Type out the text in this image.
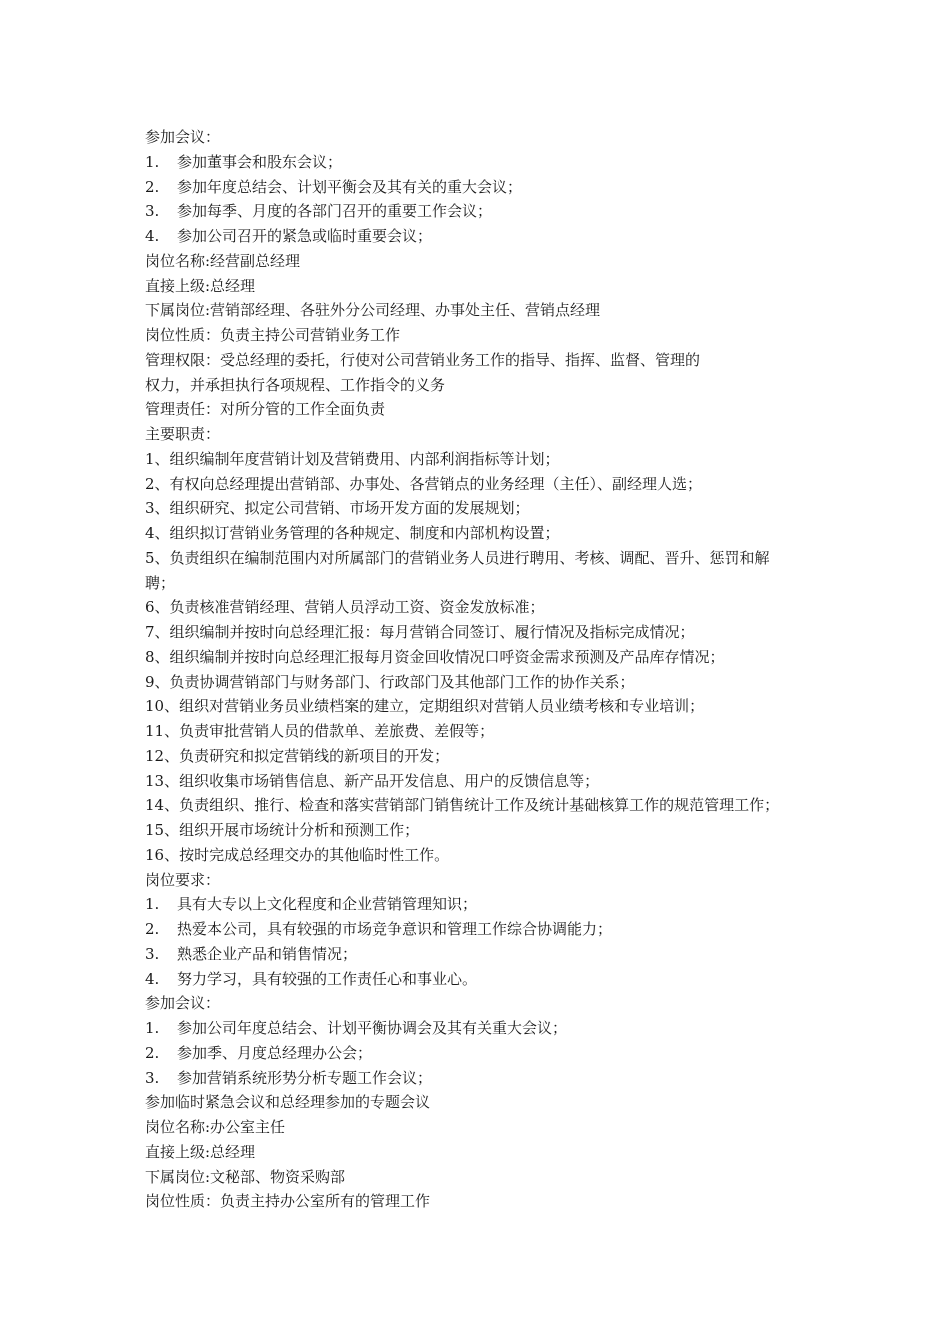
参加会议：
1. 参加董事会和股东会议；
2. 参加年度总结会、计划平衡会及其有关的重大会议；
3. 参加每季、月度的各部门召开的重要工作会议；
4. 参加公司召开的紧急或临时重要会议；
岗位名称:经营副总经理
直接上级:总经理
下属岗位:营销部经理、各驻外分公司经理、办事处主任、营销点经理
岗位性质：负责主持公司营销业务工作
管理权限：受总经理的委托，行使对公司营销业务工作的指导、指挥、监督、管理的
权力，并承担执行各项规程、工作指令的义务
管理责任：对所分管的工作全面负责
主要职责：
1、组织编制年度营销计划及营销费用、内部利润指标等计划；
2、有权向总经理提出营销部、办事处、各营销点的业务经理（主任）、副经理人选；
3、组织研究、拟定公司营销、市场开发方面的发展规划；
4、组织拟订营销业务管理的各种规定、制度和内部机构设置；
5、负责组织在编制范围内对所属部门的营销业务人员进行聘用、考核、调配、晋升、惩罚和解
聘；
6、负责核准营销经理、营销人员浮动工资、资金发放标准；
7、组织编制并按时向总经理汇报：每月营销合同签订、履行情况及指标完成情况；
8、组织编制并按时向总经理汇报每月资金回收情况口呼资金需求预测及产品库存情况；
9、负责协调营销部门与财务部门、行政部门及其他部门工作的协作关系；
10、组织对营销业务员业绩档案的建立，定期组织对营销人员业绩考核和专业培训；
11、负责审批营销人员的借款单、差旅费、差假等；
12、负责研究和拟定营销线的新项目的开发；
13、组织收集市场销售信息、新产品开发信息、用户的反馈信息等；
14、负责组织、推行、检查和落实营销部门销售统计工作及统计基础核算工作的规范管理工作；
15、组织开展市场统计分析和预测工作；
16、按时完成总经理交办的其他临时性工作。
岗位要求：
1. 具有大专以上文化程度和企业营销管理知识；
2. 热爱本公司，具有较强的市场竞争意识和管理工作综合协调能力；
3. 熟悉企业产品和销售情况；
4. 努力学习，具有较强的工作责任心和事业心。
参加会议：
1. 参加公司年度总结会、计划平衡协调会及其有关重大会议；
2. 参加季、月度总经理办公会；
3. 参加营销系统形势分析专题工作会议；
参加临时紧急会议和总经理参加的专题会议
岗位名称:办公室主任
直接上级:总经理
下属岗位:文秘部、物资采购部
岗位性质：负责主持办公室所有的管理工作
